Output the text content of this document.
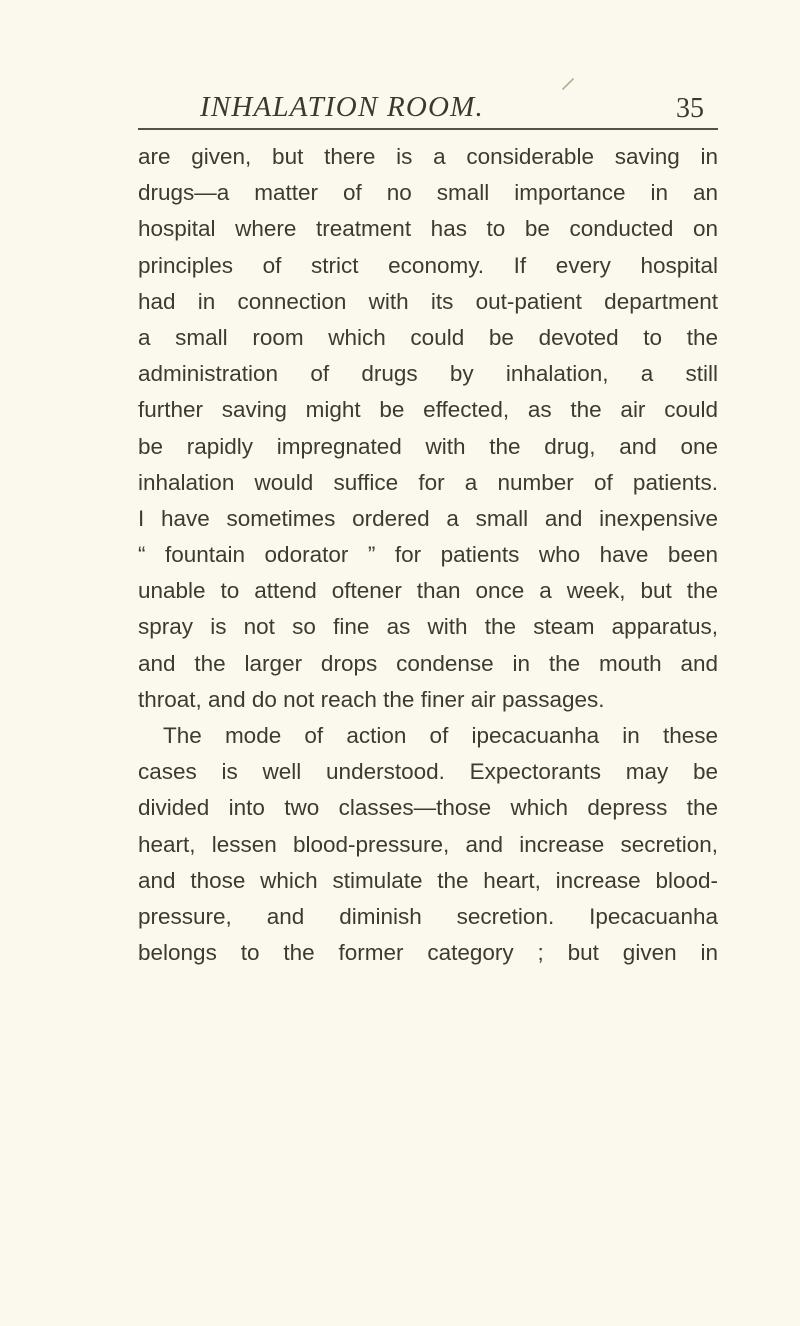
INHALATION ROOM.	35
are given, but there is a considerable saving in
drugs—a matter of no small importance in an
hospital where treatment has to be conducted on
principles of strict economy. If every hospital
had in connection with its out-patient department
a small room which could be devoted to the
administration of drugs by inhalation, a still
further saving might be effected, as the air could
be rapidly impregnated with the drug, and one
inhalation would suffice for a number of patients.
I have sometimes ordered a small and inexpensive
“ fountain odorator ” for patients who have been
unable to attend oftener than once a week, but the
spray is not so fine as with the steam apparatus,
and the larger drops condense in the mouth and
throat, and do not reach the finer air passages.
The mode of action of ipecacuanha in these
cases is well understood. Expectorants may be
divided into two classes—those which depress the
heart, lessen blood-pressure, and increase secretion,
and those which stimulate the heart, increase blood-
pressure, and diminish secretion. Ipecacuanha
belongs to the former category ; but given in
